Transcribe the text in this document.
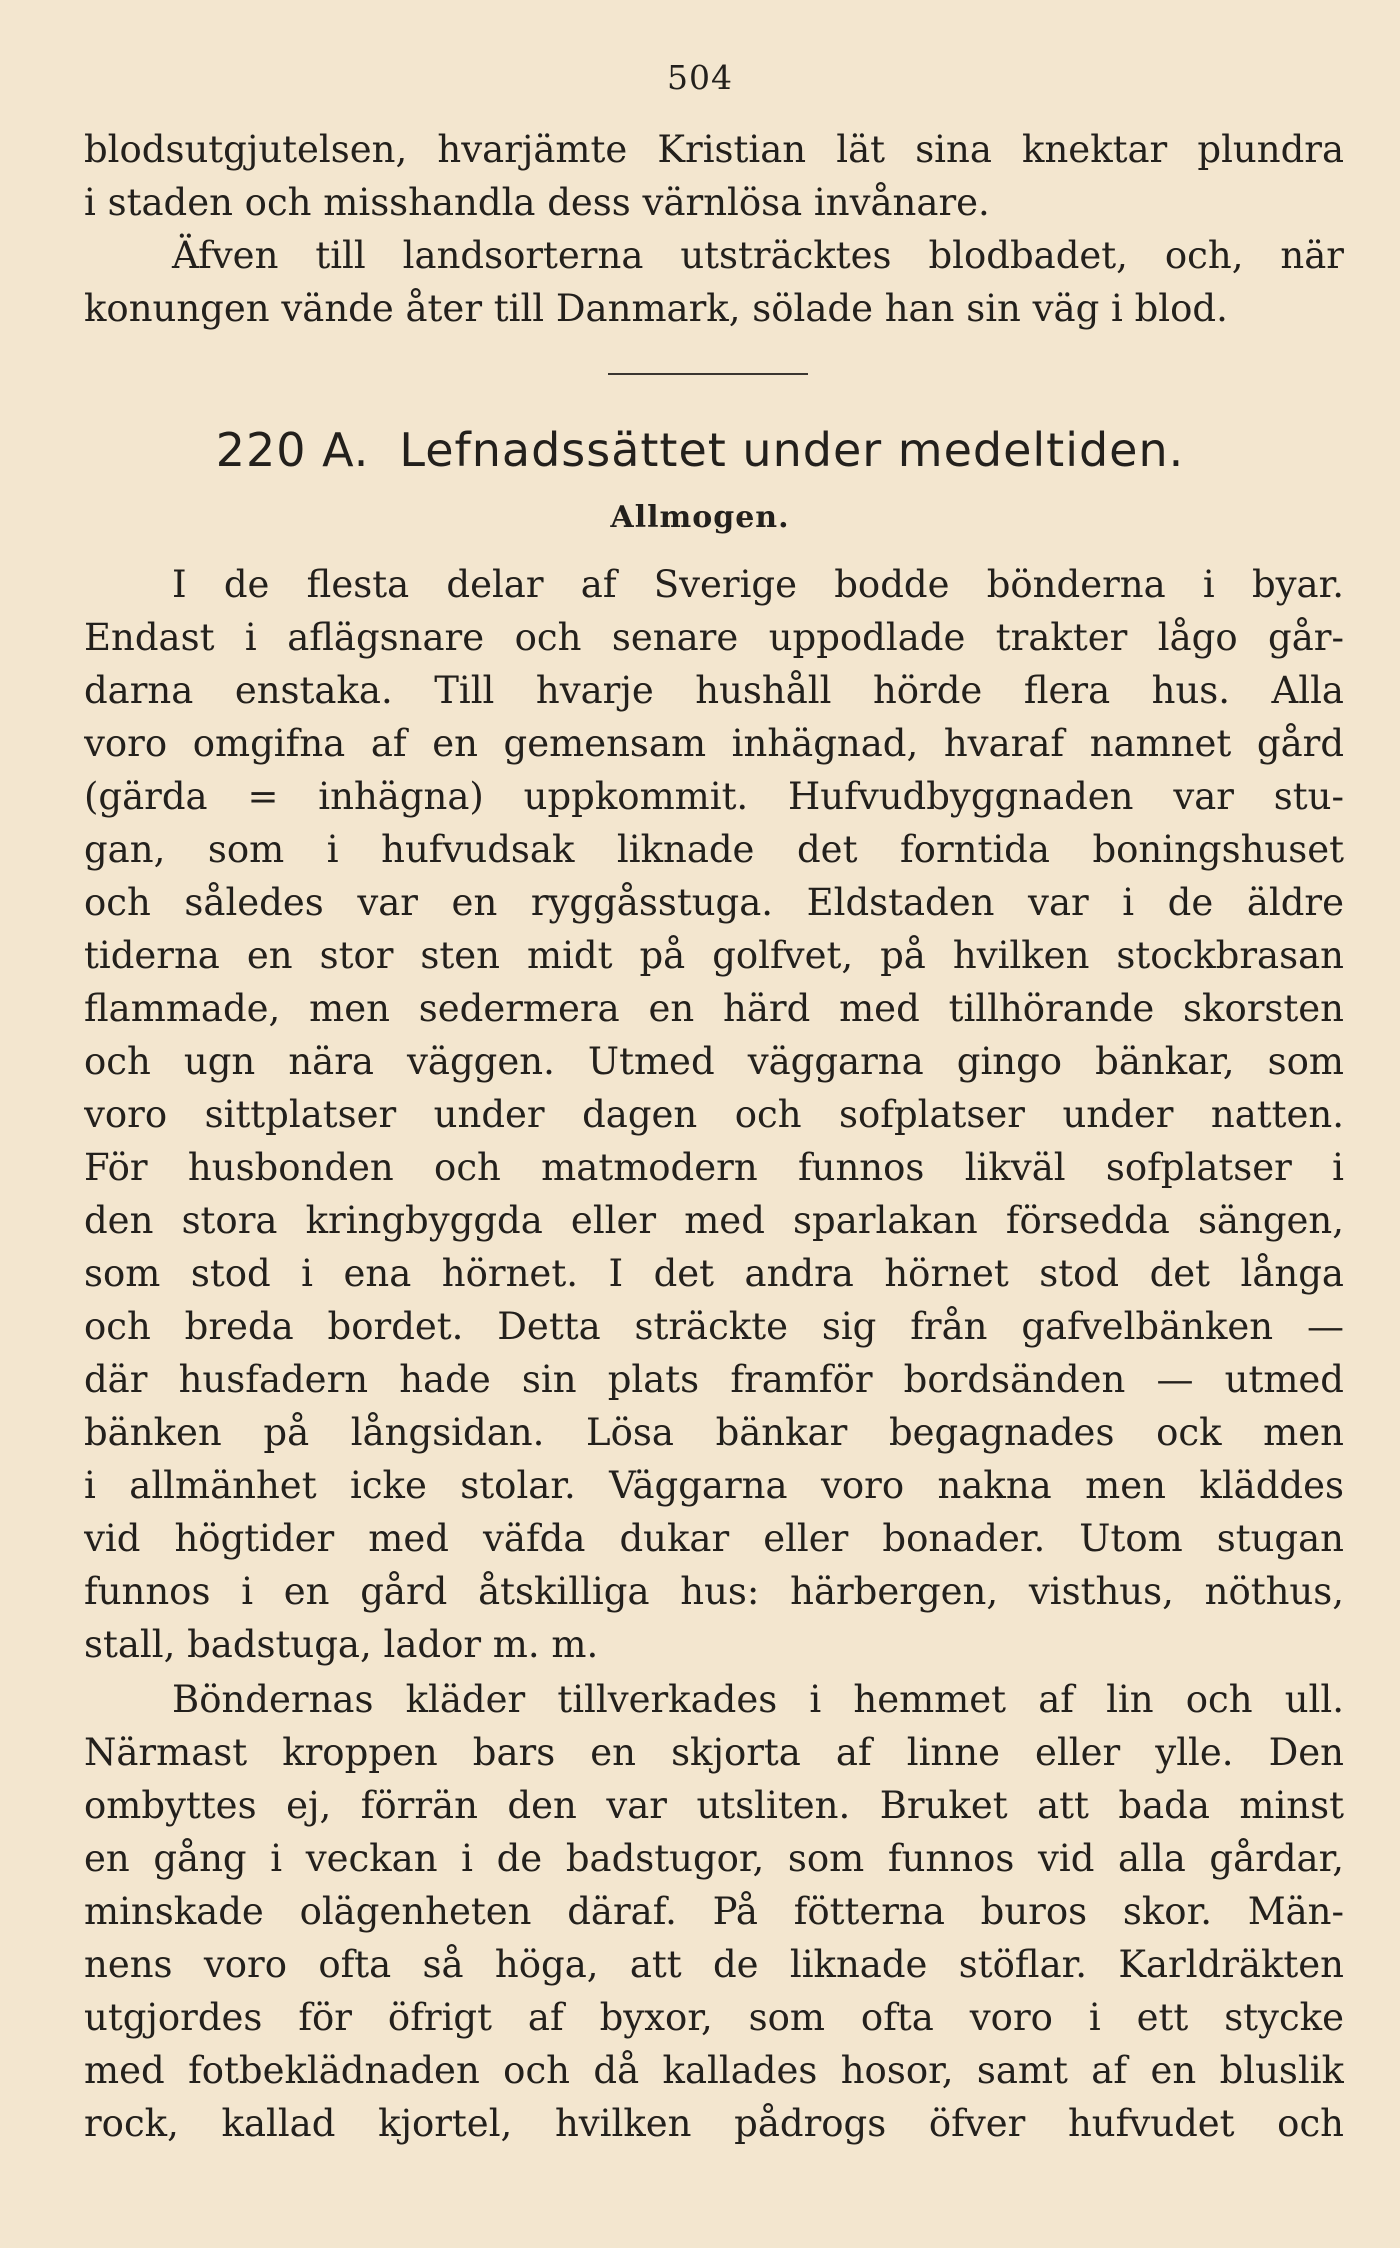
504
blodsutgjutelsen, hvarjämte Kristian lät sina knektar plundra
i staden och misshandla dess värnlösa invånare.
Äfven till landsorterna utsträcktes blodbadet, och, när
konungen vände åter till Danmark, sölade han sin väg i blod.
220 A. Lefnadssättet under medeltiden.
Allmogen.
I de flesta delar af Sverige bodde bönderna i byar.
Endast i aflägsnare och senare uppodlade trakter lågo går-
darna enstaka. Till hvarje hushåll hörde flera hus. Alla
voro omgifna af en gemensam inhägnad, hvaraf namnet gård
(gärda = inhägna) uppkommit. Hufvudbyggnaden var stu-
gan, som i hufvudsak liknade det forntida boningshuset
och således var en ryggåsstuga. Eldstaden var i de äldre
tiderna en stor sten midt på golfvet, på hvilken stockbrasan
flammade, men sedermera en härd med tillhörande skorsten
och ugn nära väggen. Utmed väggarna gingo bänkar, som
voro sittplatser under dagen och sofplatser under natten.
För husbonden och matmodern funnos likväl sofplatser i
den stora kringbyggda eller med sparlakan försedda sängen,
som stod i ena hörnet. I det andra hörnet stod det långa
och breda bordet. Detta sträckte sig från gafvelbänken —
där husfadern hade sin plats framför bordsänden — utmed
bänken på långsidan. Lösa bänkar begagnades ock men
i allmänhet icke stolar. Väggarna voro nakna men kläddes
vid högtider med väfda dukar eller bonader. Utom stugan
funnos i en gård åtskilliga hus: härbergen, visthus, nöthus,
stall, badstuga, lador m. m.
Böndernas kläder tillverkades i hemmet af lin och ull.
Närmast kroppen bars en skjorta af linne eller ylle. Den
ombyttes ej, förrän den var utsliten. Bruket att bada minst
en gång i veckan i de badstugor, som funnos vid alla gårdar,
minskade olägenheten däraf. På fötterna buros skor. Män-
nens voro ofta så höga, att de liknade stöflar. Karldräkten
utgjordes för öfrigt af byxor, som ofta voro i ett stycke
med fotbeklädnaden och då kallades hosor, samt af en bluslik
rock, kallad kjortel, hvilken pådrogs öfver hufvudet och
